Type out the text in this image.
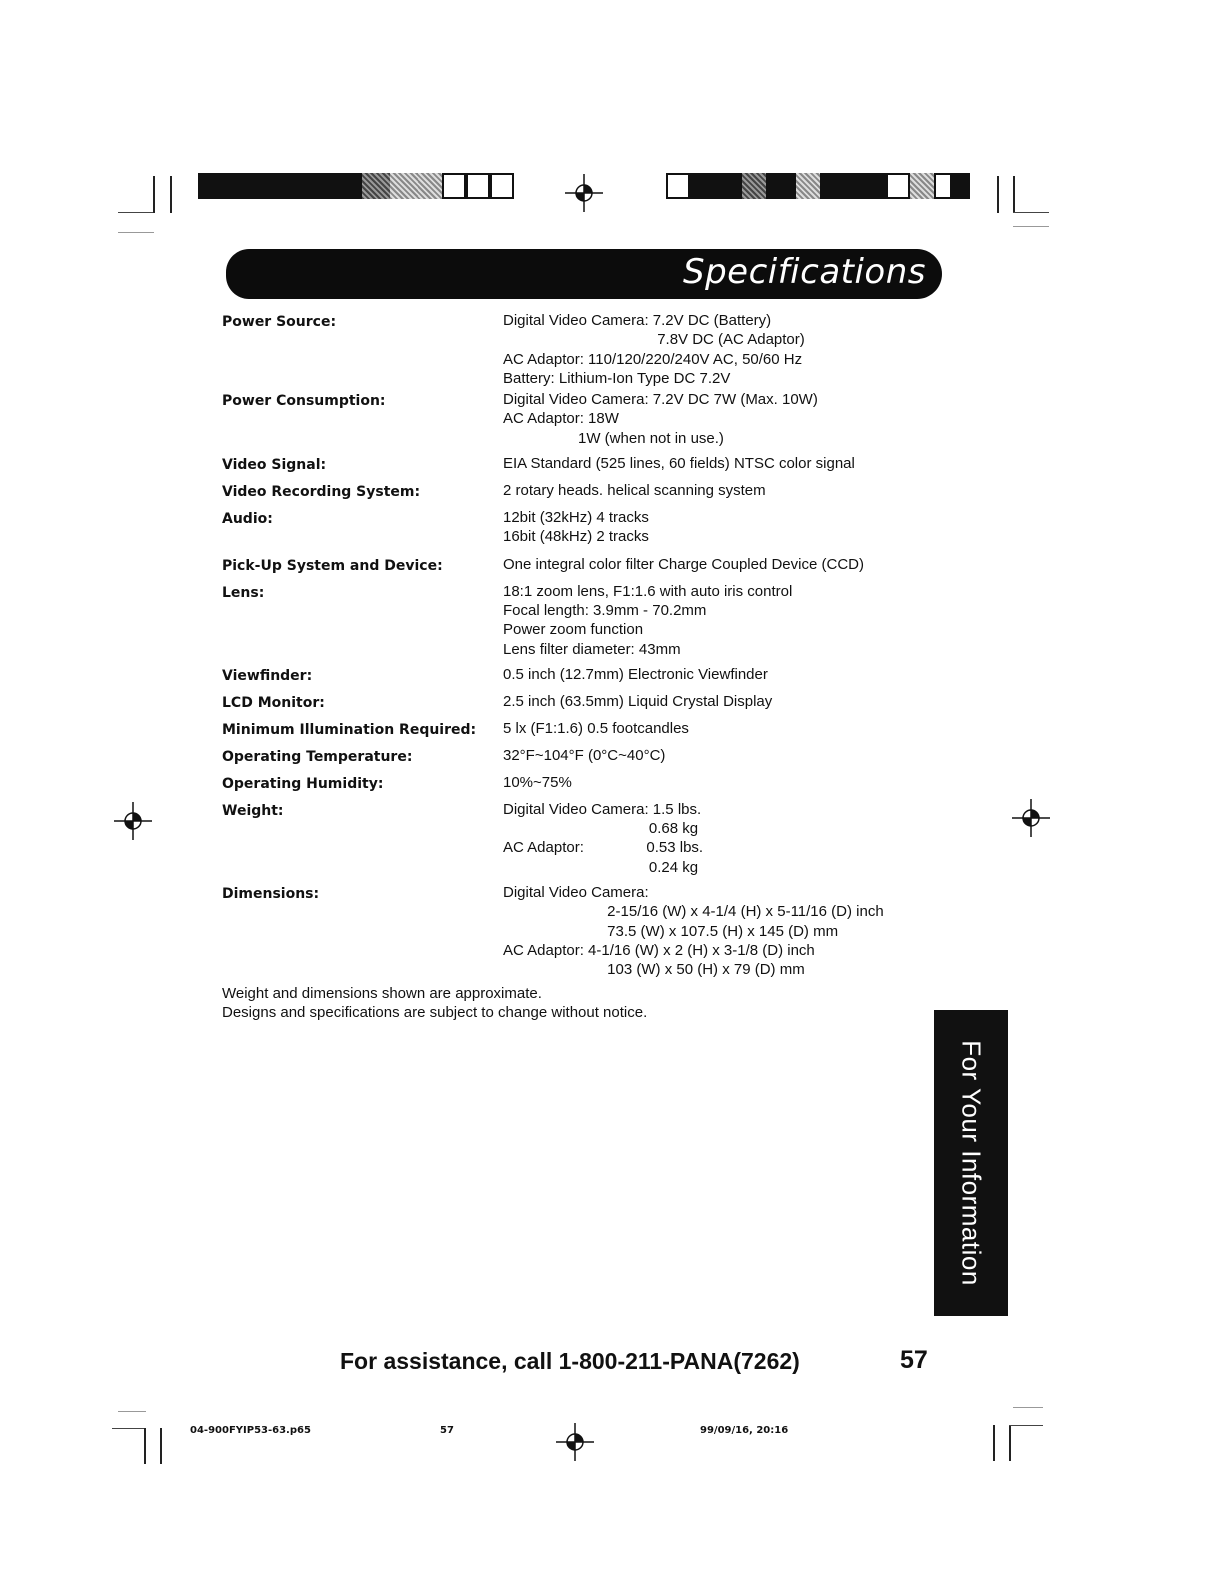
Specifications
Power Source:	Digital Video Camera: 7.2V DC (Battery)
7.8V DC (AC Adaptor)
AC Adaptor: 110/120/220/240V AC, 50/60 Hz
Battery: Lithium-Ion Type DC 7.2V
Power Consumption:	Digital Video Camera: 7.2V DC 7W (Max. 10W)
AC Adaptor: 18W
1W (when not in use.)
Video Signal:	EIA Standard (525 lines, 60 fields) NTSC color signal
Video Recording System:	2 rotary heads. helical scanning system
Audio:	12bit (32kHz) 4 tracks
16bit (48kHz) 2 tracks
Pick-Up System and Device:	One integral color filter Charge Coupled Device (CCD)
Lens:	18:1 zoom lens, F1:1.6 with auto iris control
Focal length: 3.9mm - 70.2mm
Power zoom function
Lens filter diameter: 43mm
Viewfinder:	0.5 inch (12.7mm) Electronic Viewfinder
LCD Monitor:	2.5 inch (63.5mm) Liquid Crystal Display
Minimum Illumination Required:	5 lx (F1:1.6) 0.5 footcandles
Operating Temperature:	32°F~104°F (0°C~40°C)
Operating Humidity:	10%~75%
Weight:	Digital Video Camera: 1.5 lbs.
0.68 kg
AC Adaptor:               0.53 lbs.
0.24 kg
Dimensions:	Digital Video Camera:
2-15/16 (W) x 4-1/4 (H) x 5-11/16 (D) inch
73.5 (W) x 107.5 (H) x 145 (D) mm
AC Adaptor: 4-1/16 (W) x 2 (H) x 3-1/8 (D) inch
103 (W) x 50 (H) x 79 (D) mm
Weight and dimensions shown are approximate.
Designs and specifications are subject to change without notice.
For Your Information
For assistance, call 1-800-211-PANA(7262)	57
04-900FYIP53-63.p65	57	99/09/16, 20:16
